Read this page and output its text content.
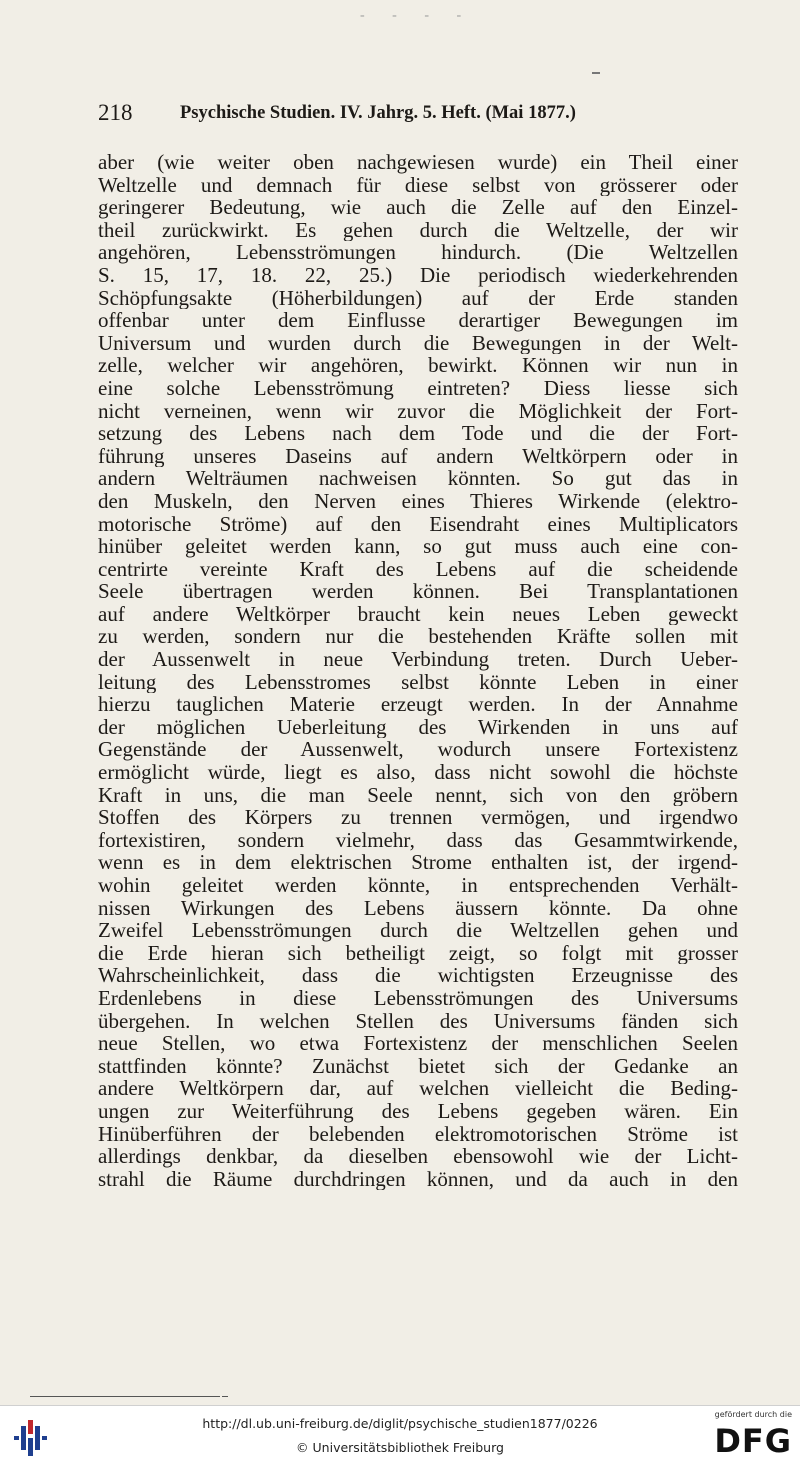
- - - -
218	Psychische Studien. IV. Jahrg. 5. Heft. (Mai 1877.)
aber (wie weiter oben nachgewiesen wurde) ein Theil einer
Weltzelle und demnach für diese selbst von grösserer oder
geringerer Bedeutung, wie auch die Zelle auf den Einzel-
theil zurückwirkt. Es gehen durch die Weltzelle, der wir
angehören, Lebensströmungen hindurch. (Die Weltzellen
S. 15, 17, 18. 22, 25.) Die periodisch wiederkehrenden
Schöpfungsakte (Höherbildungen) auf der Erde standen
offenbar unter dem Einflusse derartiger Bewegungen im
Universum und wurden durch die Bewegungen in der Welt-
zelle, welcher wir angehören, bewirkt. Können wir nun in
eine solche Lebensströmung eintreten? Diess liesse sich
nicht verneinen, wenn wir zuvor die Möglichkeit der Fort-
setzung des Lebens nach dem Tode und die der Fort-
führung unseres Daseins auf andern Weltkörpern oder in
andern Welträumen nachweisen könnten. So gut das in
den Muskeln, den Nerven eines Thieres Wirkende (elektro-
motorische Ströme) auf den Eisendraht eines Multiplicators
hinüber geleitet werden kann, so gut muss auch eine con-
centrirte vereinte Kraft des Lebens auf die scheidende
Seele übertragen werden können. Bei Transplantationen
auf andere Weltkörper braucht kein neues Leben geweckt
zu werden, sondern nur die bestehenden Kräfte sollen mit
der Aussenwelt in neue Verbindung treten. Durch Ueber-
leitung des Lebensstromes selbst könnte Leben in einer
hierzu tauglichen Materie erzeugt werden. In der Annahme
der möglichen Ueberleitung des Wirkenden in uns auf
Gegenstände der Aussenwelt, wodurch unsere Fortexistenz
ermöglicht würde, liegt es also, dass nicht sowohl die höchste
Kraft in uns, die man Seele nennt, sich von den gröbern
Stoffen des Körpers zu trennen vermögen, und irgendwo
fortexistiren, sondern vielmehr, dass das Gesammtwirkende,
wenn es in dem elektrischen Strome enthalten ist, der irgend-
wohin geleitet werden könnte, in entsprechenden Verhält-
nissen Wirkungen des Lebens äussern könnte. Da ohne
Zweifel Lebensströmungen durch die Weltzellen gehen und
die Erde hieran sich betheiligt zeigt, so folgt mit grosser
Wahrscheinlichkeit, dass die wichtigsten Erzeugnisse des
Erdenlebens in diese Lebensströmungen des Universums
übergehen. In welchen Stellen des Universums fänden sich
neue Stellen, wo etwa Fortexistenz der menschlichen Seelen
stattfinden könnte? Zunächst bietet sich der Gedanke an
andere Weltkörpern dar, auf welchen vielleicht die Beding-
ungen zur Weiterführung des Lebens gegeben wären. Ein
Hinüberführen der belebenden elektromotorischen Ströme ist
allerdings denkbar, da dieselben ebensowohl wie der Licht-
strahl die Räume durchdringen können, und da auch in den
http://dl.ub.uni-freiburg.de/diglit/psychische_studien1877/0226
© Universitätsbibliothek Freiburg
gefördert durch die
DFG
